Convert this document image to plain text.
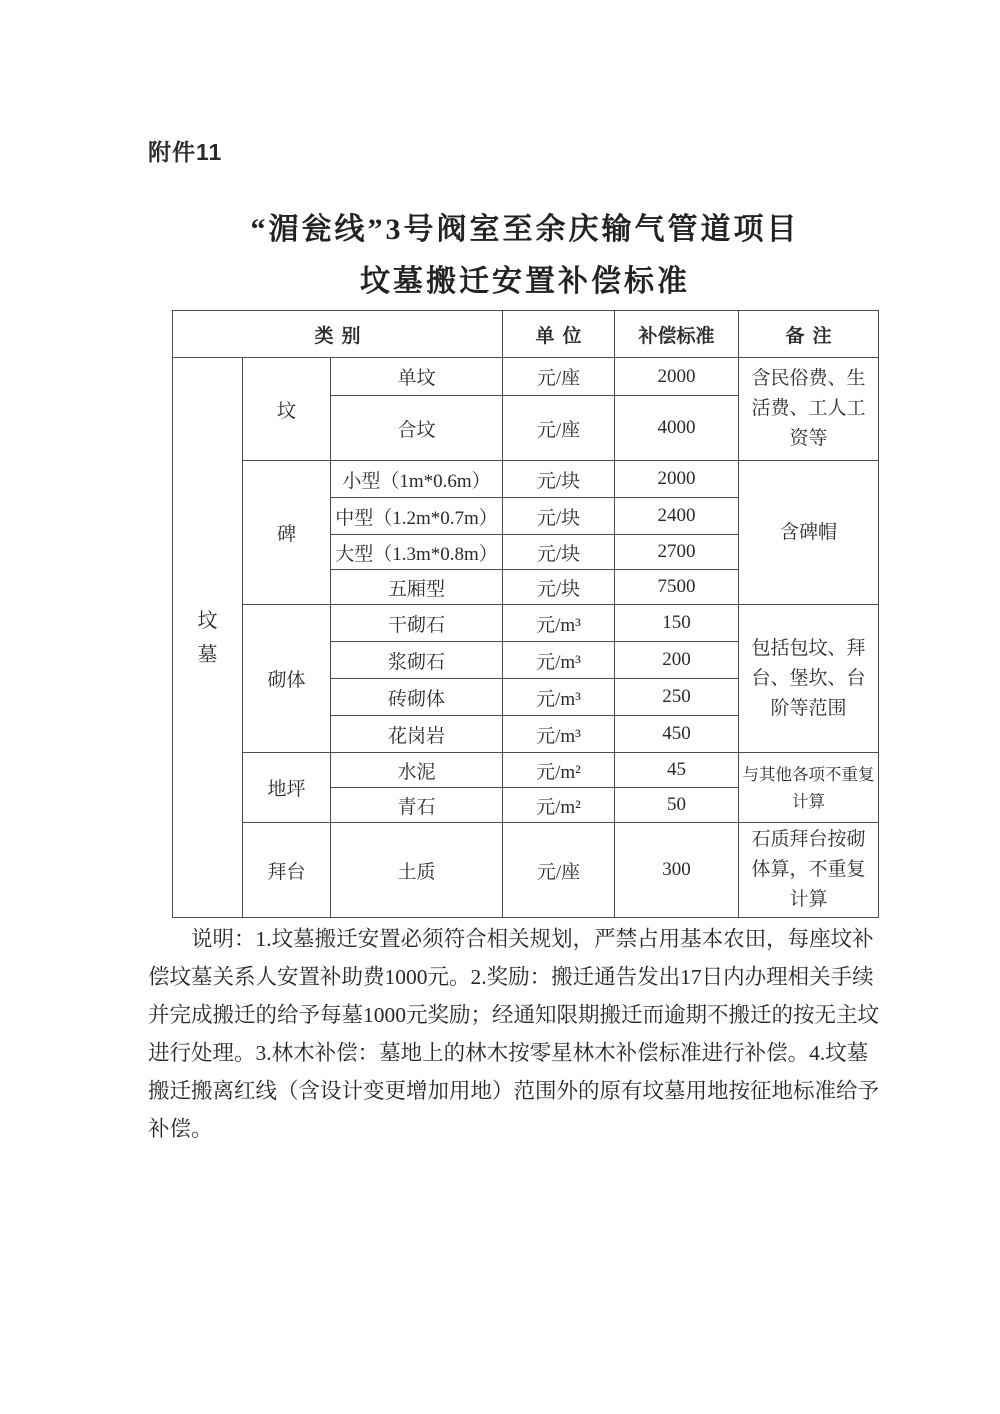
附件11
“湄瓮线”3号阀室至余庆输气管道项目
坟墓搬迁安置补偿标准
类别			单位	补偿标准	备注

坟墓	坟	单坟	元/座	2000	含民俗费、生活费、工人工资等
		合坟	元/座	4000	
	碑	小型（1m*0.6m）	元/块	2000	含碑帽
		中型（1.2m*0.7m）	元/块	2400	
		大型（1.3m*0.8m）	元/块	2700	
		五厢型	元/块	7500	
	砌体	干砌石	元/m³	150	包括包坟、拜台、堡坎、台阶等范围
		浆砌石	元/m³	200	
		砖砌体	元/m³	250	
		花岗岩	元/m³	450	
	地坪	水泥	元/m²	45	与其他各项不重复计算
		青石	元/m²	50	
	拜台	土质	元/座	300	石质拜台按砌体算，不重复计算
说明：1.坟墓搬迁安置必须符合相关规划，严禁占用基本农田，每座坟补
偿坟墓关系人安置补助费1000元。2.奖励：搬迁通告发出17日内办理相关手续
并完成搬迁的给予每墓1000元奖励；经通知限期搬迁而逾期不搬迁的按无主坟
进行处理。3.林木补偿：墓地上的林木按零星林木补偿标准进行补偿。4.坟墓
搬迁搬离红线（含设计变更增加用地）范围外的原有坟墓用地按征地标准给予
补偿。
